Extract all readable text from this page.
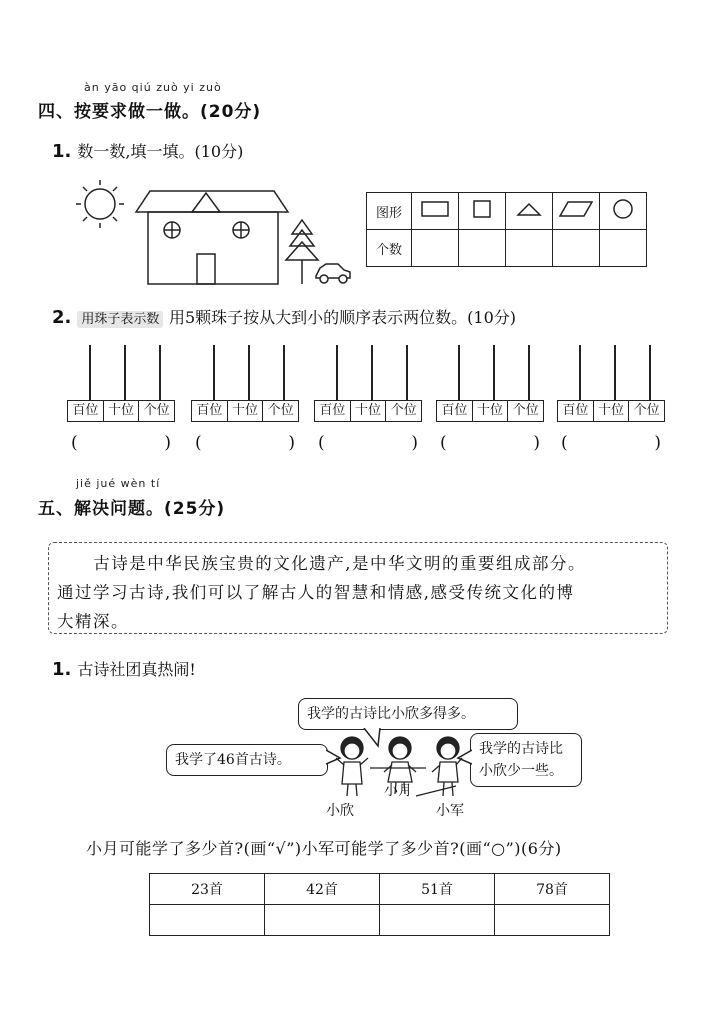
àn yāo qiú zuò yi zuò
四、按要求做一做。(20分)
1. 数一数,填一填。(10分)
图形					
个数					
2. 用珠子表示数 用5颗珠子按从大到小的顺序表示两位数。(10分)
百位 十位 个位
(	)
百位 十位 个位
(	)
百位 十位 个位
(	)
百位 十位 个位
(	)
百位 十位 个位
(	)
jiě jué wèn tí
五、解决问题。(25分)
古诗是中华民族宝贵的文化遗产,是中华文明的重要组成部分。
通过学习古诗,我们可以了解古人的智慧和情感,感受传统文化的博
大精深。
1. 古诗社团真热闹!
我学的古诗比小欣多得多。
我学了46首古诗。
我学的古诗比
小欣少一些。
小欣
小月
小军
小月可能学了多少首?(画“√”)小军可能学了多少首?(画“○”)(6分)
23首	42首	51首	78首
